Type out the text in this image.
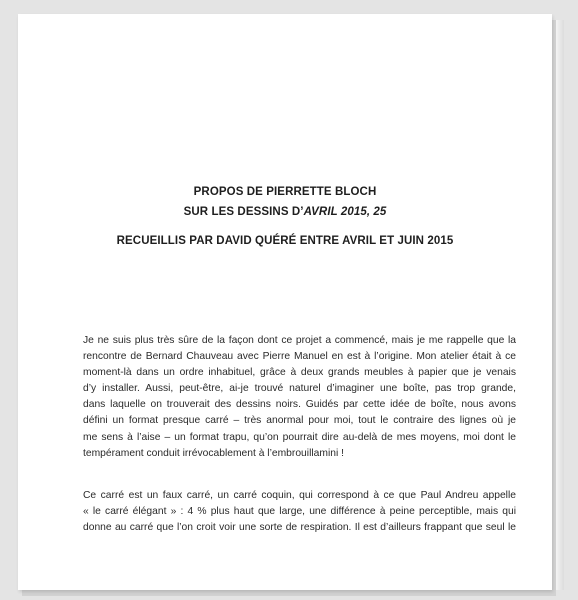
PROPOS DE PIERRETTE BLOCH
SUR LES DESSINS D’AVRIL 2015, 25
RECUEILLIS PAR DAVID QUÉRÉ ENTRE AVRIL ET JUIN 2015
Je ne suis plus très sûre de la façon dont ce projet a commencé, mais je me rappelle que la
rencontre de Bernard Chauveau avec Pierre Manuel en est à l’origine. Mon atelier était à ce
moment-là dans un ordre inhabituel, grâce à deux grands meubles à papier que je venais
d’y installer. Aussi, peut-être, ai-je trouvé naturel d’imaginer une boîte, pas trop grande,
dans laquelle on trouverait des dessins noirs. Guidés par cette idée de boîte, nous avons
défini un format presque carré – très anormal pour moi, tout le contraire des lignes où je
me sens à l’aise – un format trapu, qu’on pourrait dire au-delà de mes moyens, moi dont le
tempérament conduit irrévocablement à l’embrouillamini !
Ce carré est un faux carré, un carré coquin, qui correspond à ce que Paul Andreu appelle
« le carré élégant » : 4 % plus haut que large, une différence à peine perceptible, mais qui
donne au carré que l’on croit voir une sorte de respiration. Il est d’ailleurs frappant que seul le
